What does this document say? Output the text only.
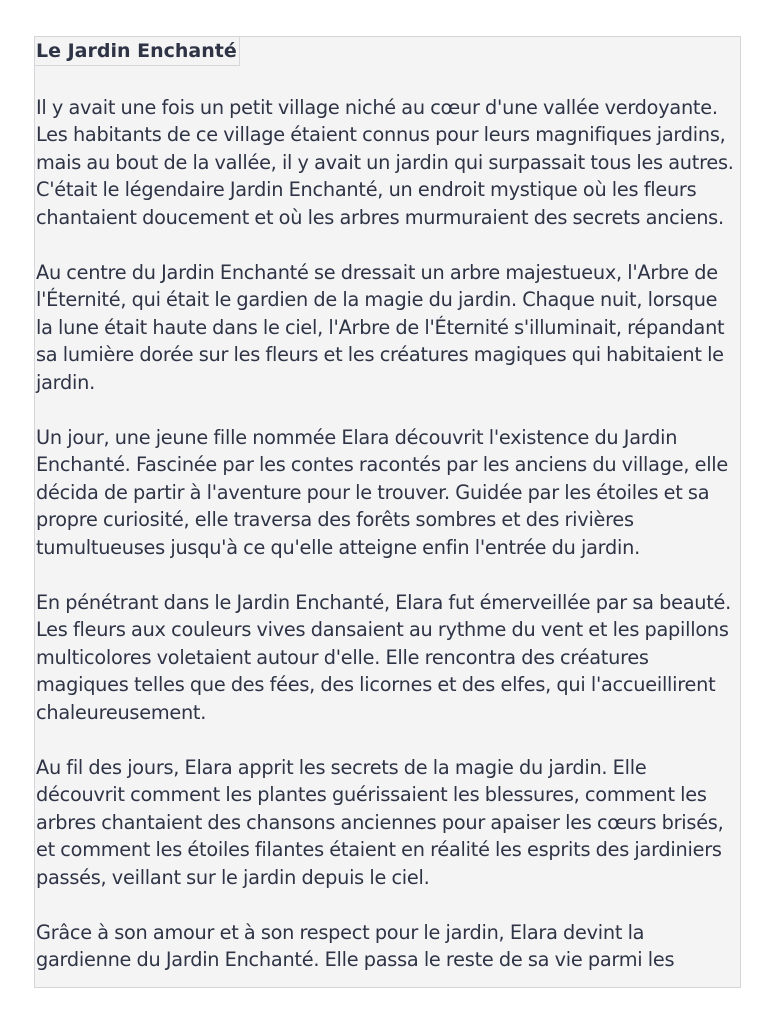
Le Jardin Enchanté

Il y avait une fois un petit village niché au cœur d'une vallée verdoyante. Les habitants de ce village étaient connus pour leurs magnifiques jardins, mais au bout de la vallée, il y avait un jardin qui surpassait tous les autres. C'était le légendaire Jardin Enchanté, un endroit mystique où les fleurs chantaient doucement et où les arbres murmuraient des secrets anciens.

Au centre du Jardin Enchanté se dressait un arbre majestueux, l'Arbre de l'Éternité, qui était le gardien de la magie du jardin. Chaque nuit, lorsque la lune était haute dans le ciel, l'Arbre de l'Éternité s'illuminait, répandant sa lumière dorée sur les fleurs et les créatures magiques qui habitaient le jardin.

Un jour, une jeune fille nommée Elara découvrit l'existence du Jardin Enchanté. Fascinée par les contes racontés par les anciens du village, elle décida de partir à l'aventure pour le trouver. Guidée par les étoiles et sa propre curiosité, elle traversa des forêts sombres et des rivières tumultueuses jusqu'à ce qu'elle atteigne enfin l'entrée du jardin.

En pénétrant dans le Jardin Enchanté, Elara fut émerveillée par sa beauté. Les fleurs aux couleurs vives dansaient au rythme du vent et les papillons multicolores voletaient autour d'elle. Elle rencontra des créatures magiques telles que des fées, des licornes et des elfes, qui l'accueillirent chaleureusement.

Au fil des jours, Elara apprit les secrets de la magie du jardin. Elle découvrit comment les plantes guérissaient les blessures, comment les arbres chantaient des chansons anciennes pour apaiser les cœurs brisés, et comment les étoiles filantes étaient en réalité les esprits des jardiniers passés, veillant sur le jardin depuis le ciel.

Grâce à son amour et à son respect pour le jardin, Elara devint la gardienne du Jardin Enchanté. Elle passa le reste de sa vie parmi les
